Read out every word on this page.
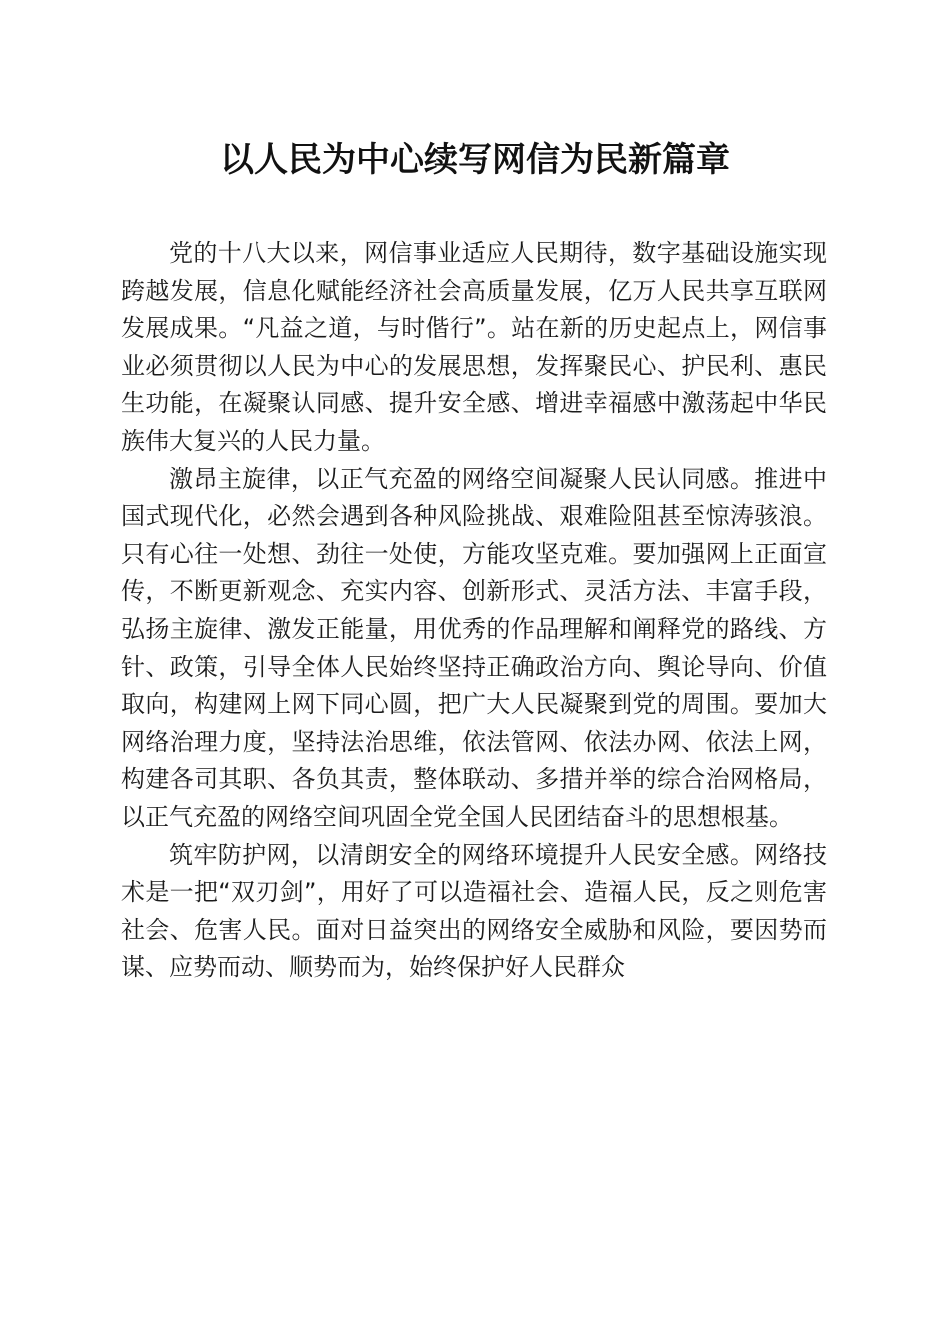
以人民为中心续写网信为民新篇章

党的十八大以来，网信事业适应人民期待，数字基础设施实现跨越发展，信息化赋能经济社会高质量发展，亿万人民共享互联网发展成果。“凡益之道，与时偕行”。站在新的历史起点上，网信事业必须贯彻以人民为中心的发展思想，发挥聚民心、护民利、惠民生功能，在凝聚认同感、提升安全感、增进幸福感中激荡起中华民族伟大复兴的人民力量。

激昂主旋律，以正气充盈的网络空间凝聚人民认同感。推进中国式现代化，必然会遇到各种风险挑战、艰难险阻甚至惊涛骇浪。只有心往一处想、劲往一处使，方能攻坚克难。要加强网上正面宣传，不断更新观念、充实内容、创新形式、灵活方法、丰富手段，弘扬主旋律、激发正能量，用优秀的作品理解和阐释党的路线、方针、政策，引导全体人民始终坚持正确政治方向、舆论导向、价值取向，构建网上网下同心圆，把广大人民凝聚到党的周围。要加大网络治理力度，坚持法治思维，依法管网、依法办网、依法上网，构建各司其职、各负其责，整体联动、多措并举的综合治网格局，以正气充盈的网络空间巩固全党全国人民团结奋斗的思想根基。

筑牢防护网，以清朗安全的网络环境提升人民安全感。网络技术是一把“双刃剑”，用好了可以造福社会、造福人民，反之则危害社会、危害人民。面对日益突出的网络安全威胁和风险，要因势而谋、应势而动、顺势而为，始终保护好人民群众
